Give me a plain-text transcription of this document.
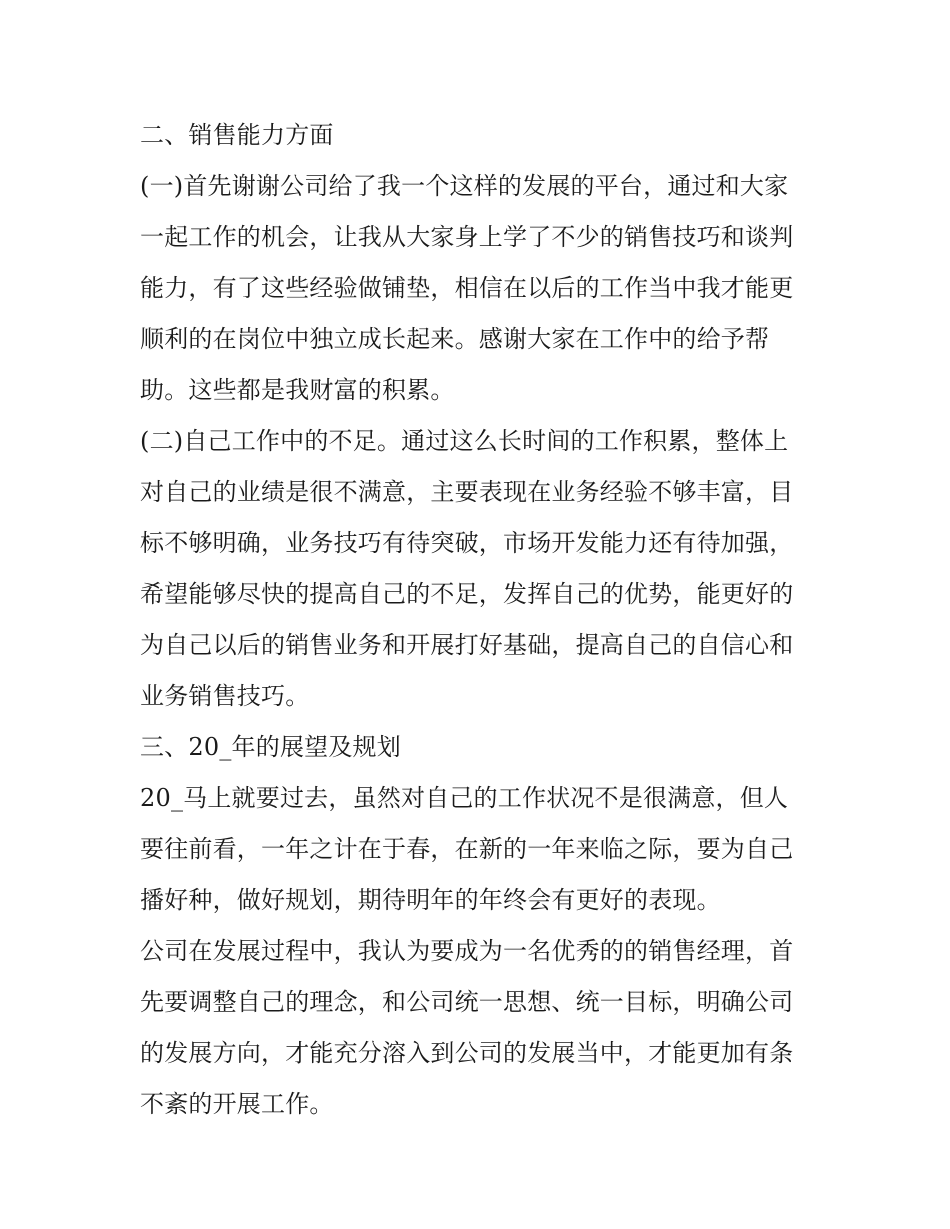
二、销售能力方面
(一)首先谢谢公司给了我一个这样的发展的平台，通过和大家
一起工作的机会，让我从大家身上学了不少的销售技巧和谈判
能力，有了这些经验做铺垫，相信在以后的工作当中我才能更
顺利的在岗位中独立成长起来。感谢大家在工作中的给予帮
助。这些都是我财富的积累。
(二)自己工作中的不足。通过这么长时间的工作积累，整体上
对自己的业绩是很不满意，主要表现在业务经验不够丰富，目
标不够明确，业务技巧有待突破，市场开发能力还有待加强，
希望能够尽快的提高自己的不足，发挥自己的优势，能更好的
为自己以后的销售业务和开展打好基础，提高自己的自信心和
业务销售技巧。
三、20_年的展望及规划
20_马上就要过去，虽然对自己的工作状况不是很满意，但人
要往前看，一年之计在于春，在新的一年来临之际，要为自己
播好种，做好规划，期待明年的年终会有更好的表现。
公司在发展过程中，我认为要成为一名优秀的的销售经理，首
先要调整自己的理念，和公司统一思想、统一目标，明确公司
的发展方向，才能充分溶入到公司的发展当中，才能更加有条
不紊的开展工作。
